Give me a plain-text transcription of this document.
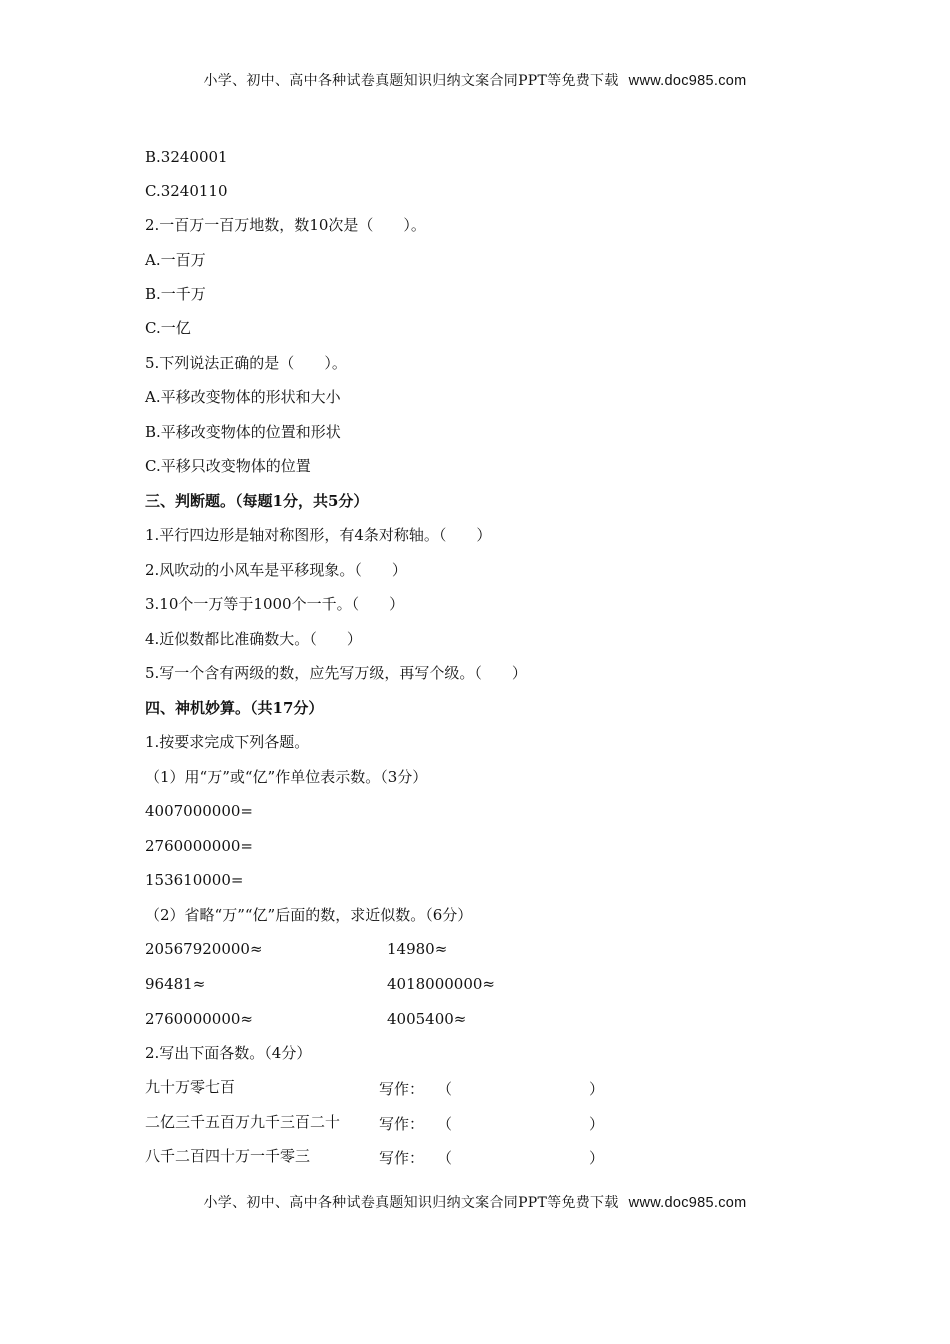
小学、初中、高中各种试卷真题知识归纳文案合同PPT等免费下载 www.doc985.com
B.3240001
C.3240110
2.一百万一百万地数，数10次是（　　）。
A.一百万
B.一千万
C.一亿
5.下列说法正确的是（　　）。
A.平移改变物体的形状和大小
B.平移改变物体的位置和形状
C.平移只改变物体的位置
三、判断题。（每题1分，共5分）
1.平行四边形是轴对称图形，有4条对称轴。（　　）
2.风吹动的小风车是平移现象。（　　）
3.10个一万等于1000个一千。（　　）
4.近似数都比准确数大。（　　）
5.写一个含有两级的数，应先写万级，再写个级。（　　）
四、神机妙算。（共17分）
1.按要求完成下列各题。
（1）用“万”或“亿”作单位表示数。（3分）
4007000000=
2760000000=
153610000=
（2）省略“万”“亿”后面的数，求近似数。（6分）
20567920000≈	14980≈
96481≈	4018000000≈
2760000000≈	4005400≈
2.写出下面各数。（4分）
九十万零七百	写作： （	）
二亿三千五百万九千三百二十	写作： （	）
八千二百四十万一千零三	写作： （	）
小学、初中、高中各种试卷真题知识归纳文案合同PPT等免费下载 www.doc985.com
